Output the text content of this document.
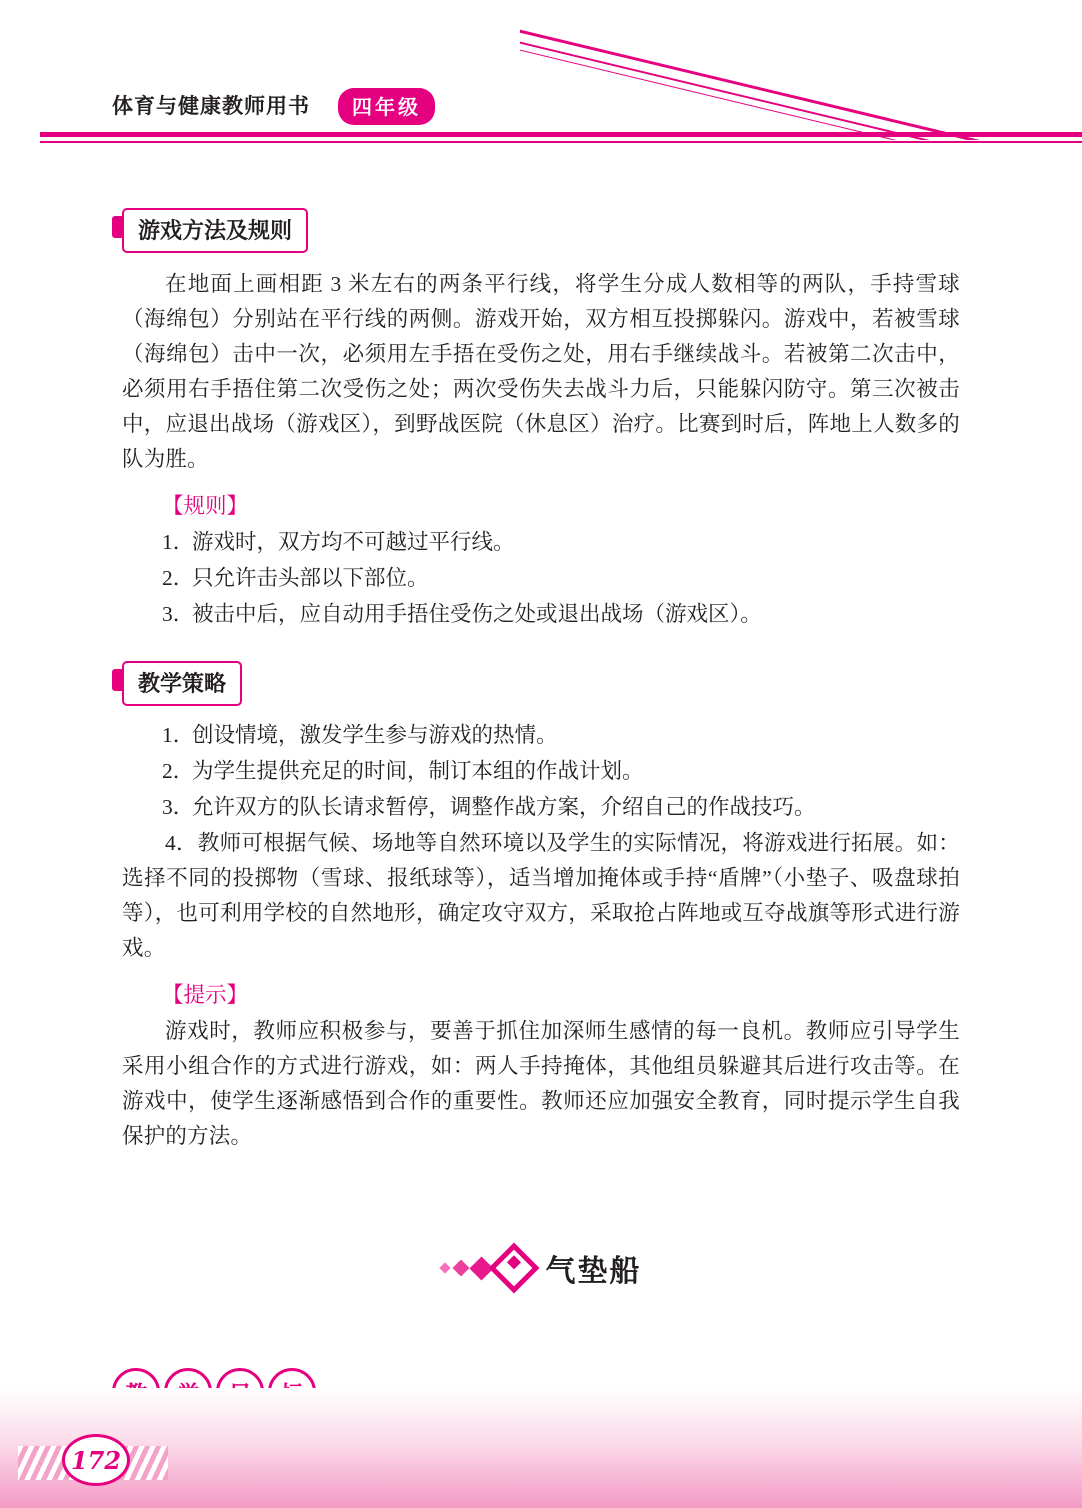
体育与健康教师用书	四年级
游戏方法及规则

在地面上画相距 3 米左右的两条平行线，将学生分成人数相等的两队，手持雪球（海绵包）分别站在平行线的两侧。游戏开始，双方相互投掷躲闪。游戏中，若被雪球（海绵包）击中一次，必须用左手捂在受伤之处，用右手继续战斗。若被第二次击中，必须用右手捂住第二次受伤之处；两次受伤失去战斗力后，只能躲闪防守。第三次被击中，应退出战场（游戏区），到野战医院（休息区）治疗。比赛到时后，阵地上人数多的队为胜。

【规则】
1．游戏时，双方均不可越过平行线。
2．只允许击头部以下部位。
3．被击中后，应自动用手捂住受伤之处或退出战场（游戏区）。
教学策略
1．创设情境，激发学生参与游戏的热情。
2．为学生提供充足的时间，制订本组的作战计划。
3．允许双方的队长请求暂停，调整作战方案，介绍自己的作战技巧。

4．教师可根据气候、场地等自然环境以及学生的实际情况，将游戏进行拓展。如：选择不同的投掷物（雪球、报纸球等），适当增加掩体或手持“盾牌”（小垫子、吸盘球拍等），也可利用学校的自然地形，确定攻守双方，采取抢占阵地或互夺战旗等形式进行游戏。

【提示】

游戏时，教师应积极参与，要善于抓住加深师生感情的每一良机。教师应引导学生采用小组合作的方式进行游戏，如：两人手持掩体，其他组员躲避其后进行攻击等。在游戏中，使学生逐渐感悟到合作的重要性。教师还应加强安全教育，同时提示学生自我保护的方法。

气垫船

172
